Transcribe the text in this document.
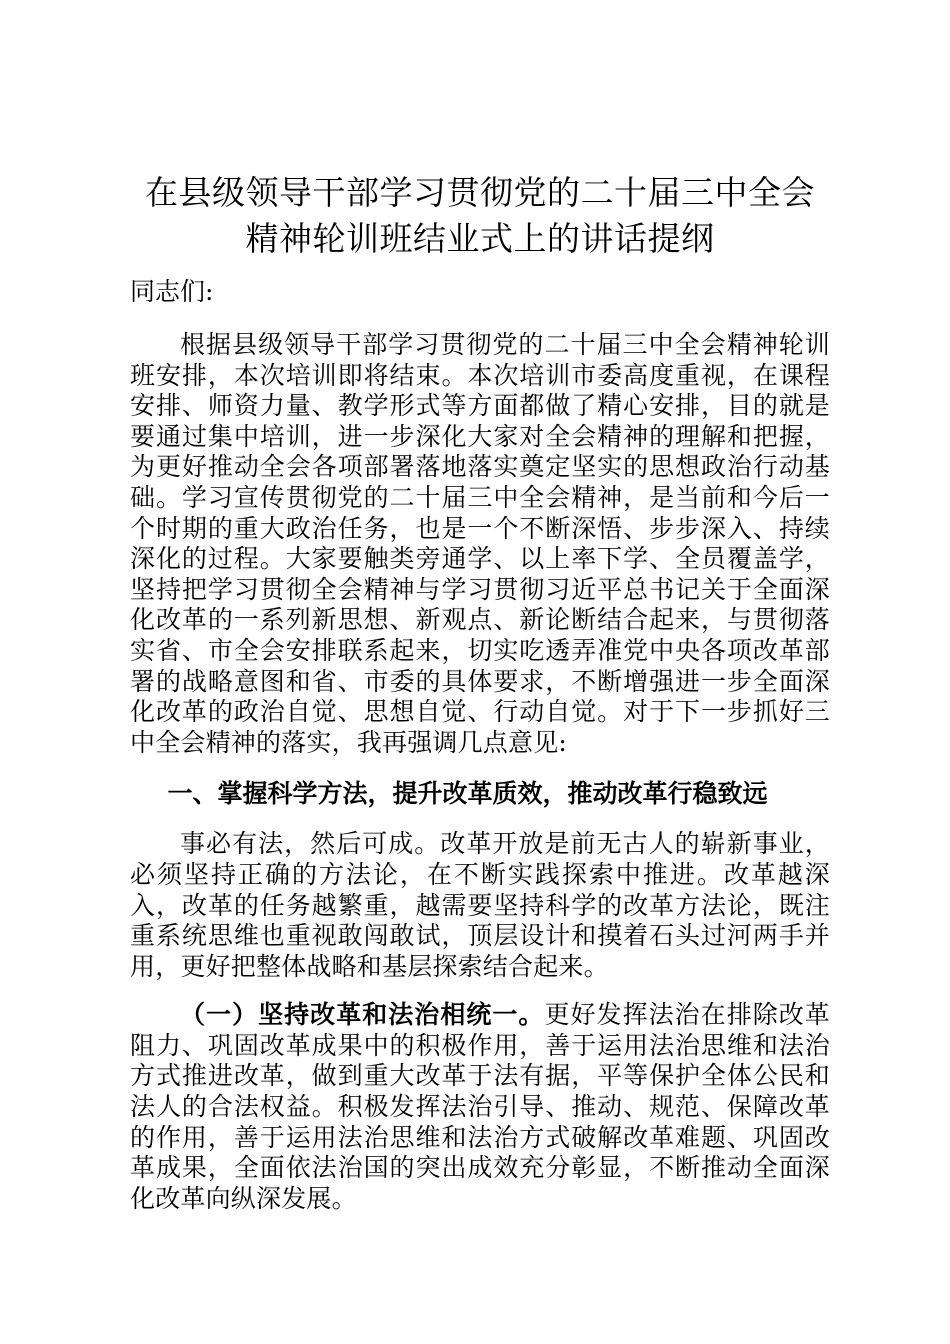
在县级领导干部学习贯彻党的二十届三中全会
精神轮训班结业式上的讲话提纲
同志们:

根据县级领导干部学习贯彻党的二十届三中全会精神轮训班安排，本次培训即将结束。本次培训市委高度重视，在课程安排、师资力量、教学形式等方面都做了精心安排，目的就是要通过集中培训，进一步深化大家对全会精神的理解和把握，为更好推动全会各项部署落地落实奠定坚实的思想政治行动基础。学习宣传贯彻党的二十届三中全会精神，是当前和今后一个时期的重大政治任务，也是一个不断深悟、步步深入、持续深化的过程。大家要触类旁通学、以上率下学、全员覆盖学，坚持把学习贯彻全会精神与学习贯彻习近平总书记关于全面深化改革的一系列新思想、新观点、新论断结合起来，与贯彻落实省、市全会安排联系起来，切实吃透弄准党中央各项改革部署的战略意图和省、市委的具体要求，不断增强进一步全面深化改革的政治自觉、思想自觉、行动自觉。对于下一步抓好三中全会精神的落实，我再强调几点意见:

一、掌握科学方法，提升改革质效，推动改革行稳致远

事必有法，然后可成。改革开放是前无古人的崭新事业，必须坚持正确的方法论，在不断实践探索中推进。改革越深入，改革的任务越繁重，越需要坚持科学的改革方法论，既注重系统思维也重视敢闯敢试，顶层设计和摸着石头过河两手并用，更好把整体战略和基层探索结合起来。

（一）坚持改革和法治相统一。更好发挥法治在排除改革阻力、巩固改革成果中的积极作用，善于运用法治思维和法治方式推进改革，做到重大改革于法有据，平等保护全体公民和法人的合法权益。积极发挥法治引导、推动、规范、保障改革的作用，善于运用法治思维和法治方式破解改革难题、巩固改革成果，全面依法治国的突出成效充分彰显，不断推动全面深化改革向纵深发展。
